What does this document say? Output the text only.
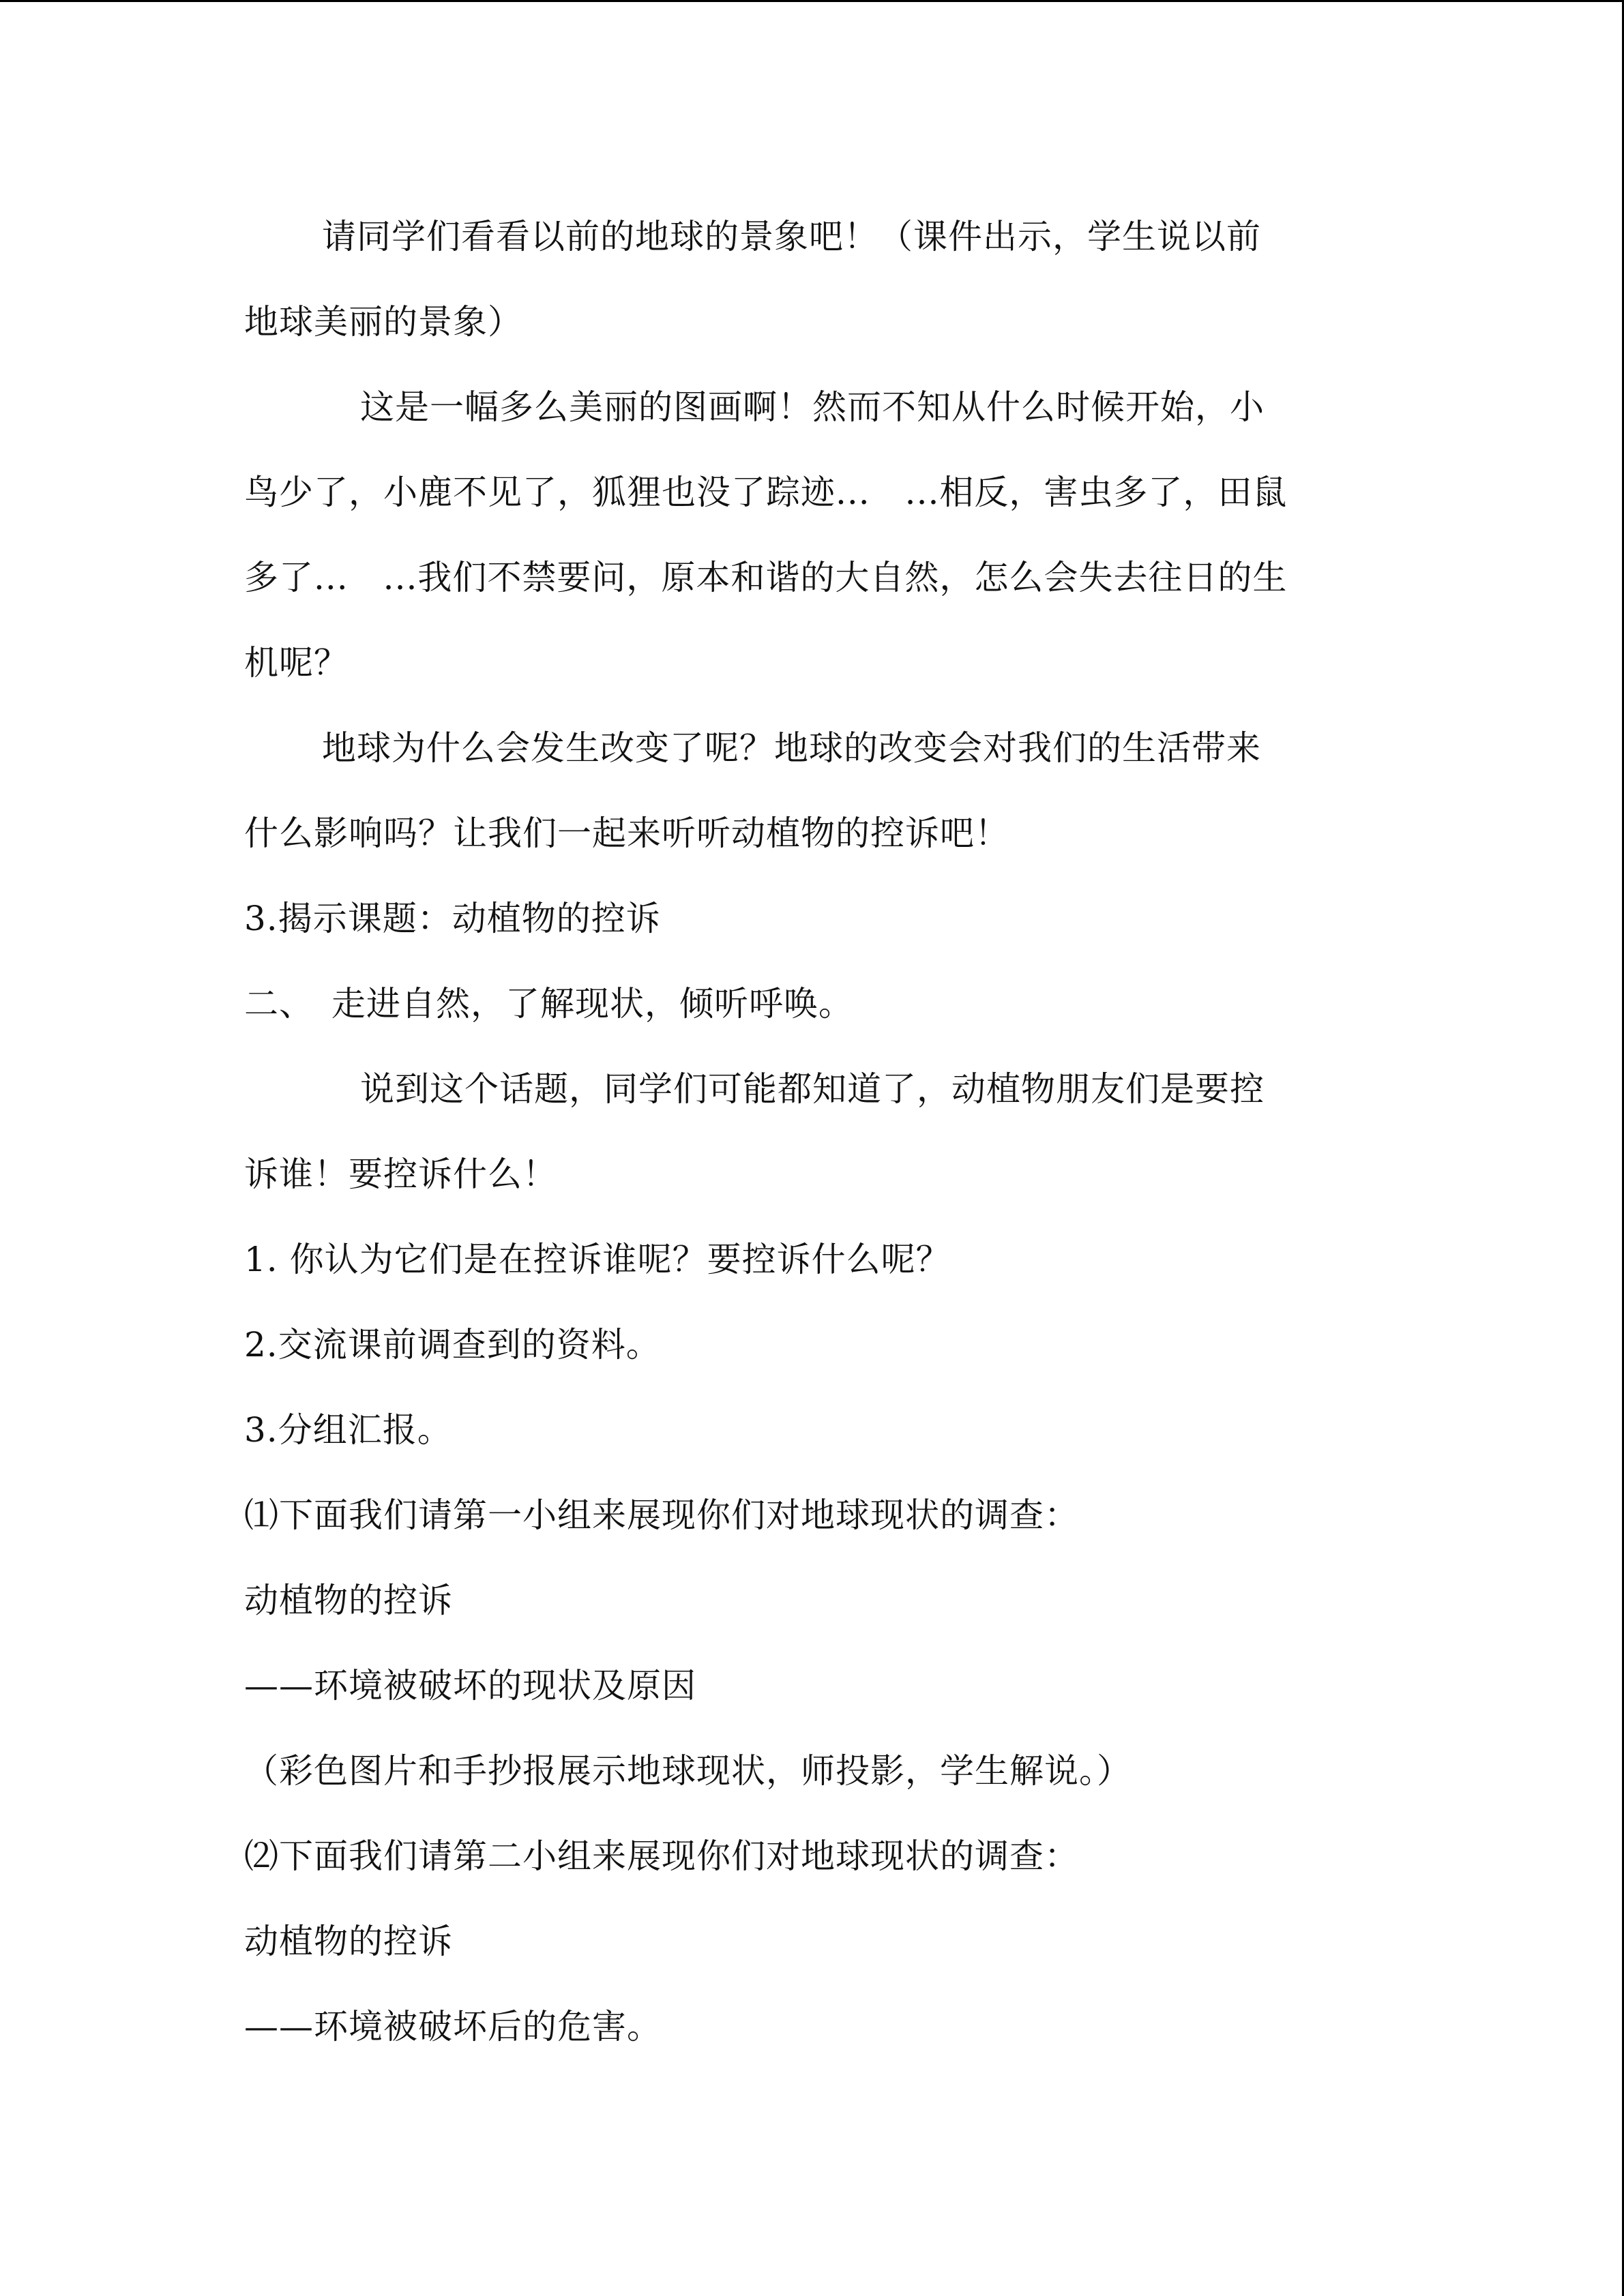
请同学们看看以前的地球的景象吧！（课件出示，学生说以前
地球美丽的景象）
这是一幅多么美丽的图画啊！然而不知从什么时候开始，小
鸟少了，小鹿不见了，狐狸也没了踪迹...　...相反，害虫多了，田鼠
多了...　...我们不禁要问，原本和谐的大自然，怎么会失去往日的生
机呢？
地球为什么会发生改变了呢？地球的改变会对我们的生活带来
什么影响吗？让我们一起来听听动植物的控诉吧！
3.揭示课题：动植物的控诉
二、　走进自然，了解现状，倾听呼唤。
说到这个话题，同学们可能都知道了，动植物朋友们是要控
诉谁！要控诉什么！
1. 你认为它们是在控诉谁呢？要控诉什么呢？
2.交流课前调查到的资料。
3.分组汇报。
⑴下面我们请第一小组来展现你们对地球现状的调查：
动植物的控诉
——环境被破坏的现状及原因
（彩色图片和手抄报展示地球现状，师投影，学生解说。）
⑵下面我们请第二小组来展现你们对地球现状的调查：
动植物的控诉
——环境被破坏后的危害。
